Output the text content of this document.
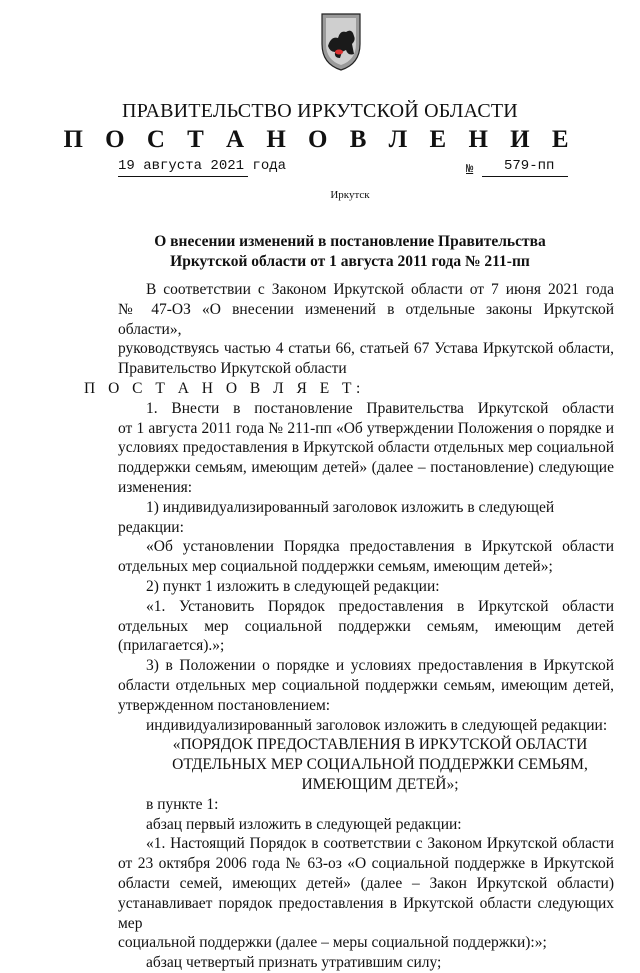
ПРАВИТЕЛЬСТВО ИРКУТСКОЙ ОБЛАСТИ
П О С Т А Н О В Л Е Н И Е
19 августа 2021 года	№	579-пп
Иркутск
О внесении изменений в постановление Правительства
Иркутской области от 1 августа 2011 года № 211-пп

В соответствии с Законом Иркутской области от 7 июня 2021 года

№ 47-ОЗ «О внесении изменений в отдельные законы Иркутской области»,

руководствуясь частью 4 статьи 66, статьей 67 Устава Иркутской области,

Правительство Иркутской области

П О С Т А Н О В Л Я Е Т:

1. Внести в постановление Правительства Иркутской области

от 1 августа 2011 года № 211-пп «Об утверждении Положения о порядке и

условиях предоставления в Иркутской области отдельных мер социальной

поддержки семьям, имеющим детей» (далее – постановление) следующие

изменения:

1) индивидуализированный заголовок изложить в следующей редакции:

«Об установлении Порядка предоставления в Иркутской области

отдельных мер социальной поддержки семьям, имеющим детей»;

2) пункт 1 изложить в следующей редакции:

«1. Установить Порядок предоставления в Иркутской области

отдельных мер социальной поддержки семьям, имеющим детей

(прилагается).»;

3) в Положении о порядке и условиях предоставления в Иркутской

области отдельных мер социальной поддержки семьям, имеющим детей,

утвержденном постановлением:

индивидуализированный заголовок изложить в следующей редакции:

«ПОРЯДОК ПРЕДОСТАВЛЕНИЯ В ИРКУТСКОЙ ОБЛАСТИ

ОТДЕЛЬНЫХ МЕР СОЦИАЛЬНОЙ ПОДДЕРЖКИ СЕМЬЯМ,

ИМЕЮЩИМ ДЕТЕЙ»;

в пункте 1:

абзац первый изложить в следующей редакции:

«1. Настоящий Порядок в соответствии с Законом Иркутской области

от 23 октября 2006 года № 63-оз «О социальной поддержке в Иркутской

области семей, имеющих детей» (далее – Закон Иркутской области)

устанавливает порядок предоставления в Иркутской области следующих мер

социальной поддержки (далее – меры социальной поддержки):»;

абзац четвертый признать утратившим силу;
